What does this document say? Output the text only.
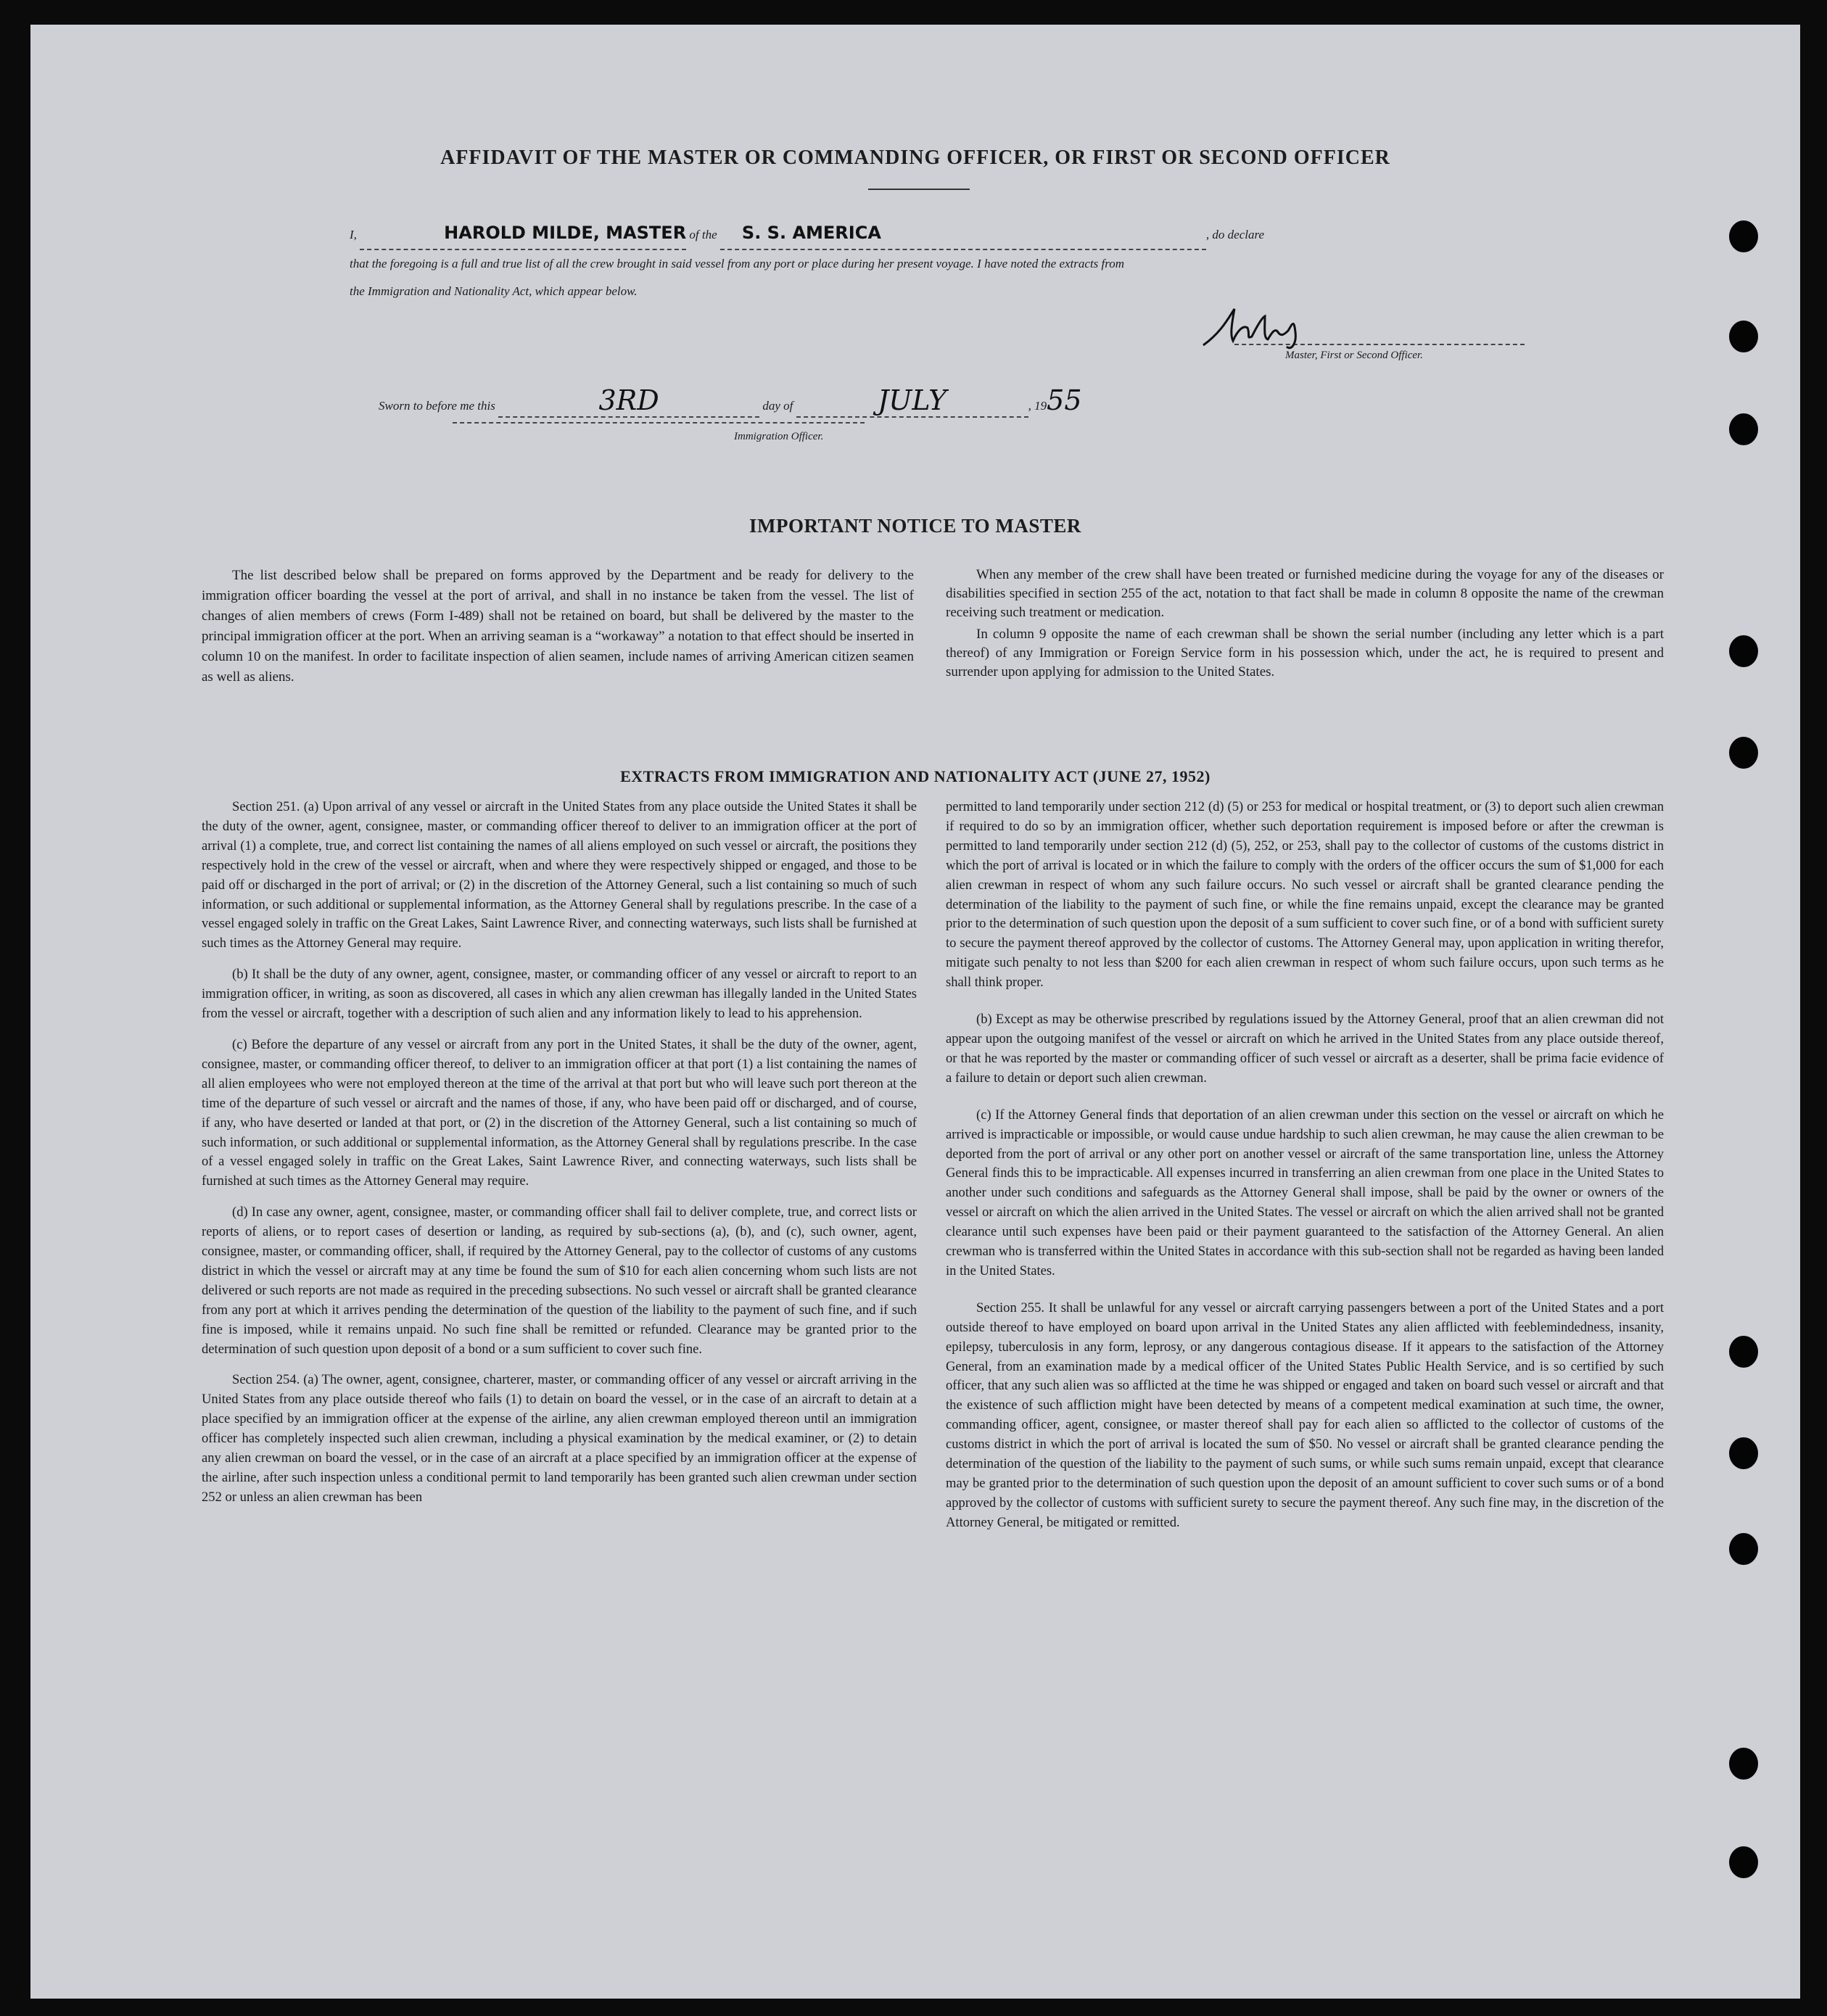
AFFIDAVIT OF THE MASTER OR COMMANDING OFFICER, OR FIRST OR SECOND OFFICER
I,	HAROLD MILDE, MASTER of the S. S. AMERICA	, do declare
that the foregoing is a full and true list of all the crew brought in said vessel from any port or place during her present voyage. I have noted the extracts from
the Immigration and Nationality Act, which appear below.
Master, First or Second Officer.
Sworn to before me this	3RD	day of	JULY	, 1955
Immigration Officer.
IMPORTANT NOTICE TO MASTER

The list described below shall be prepared on forms approved by the Department and be ready for delivery to the immigration officer boarding the vessel at the port of arrival, and shall in no instance be taken from the vessel. The list of changes of alien members of crews (Form I-489) shall not be retained on board, but shall be delivered by the master to the principal immigration officer at the port. When an arriving seaman is a “workaway” a notation to that effect should be inserted in column 10 on the manifest. In order to facilitate inspection of alien seamen, include names of arriving American citizen seamen as well as aliens.

When any member of the crew shall have been treated or furnished medicine during the voyage for any of the diseases or disabilities specified in section 255 of the act, notation to that fact shall be made in column 8 opposite the name of the crewman receiving such treatment or medication.

In column 9 opposite the name of each crewman shall be shown the serial number (including any letter which is a part thereof) of any Immigration or Foreign Service form in his possession which, under the act, he is required to present and surrender upon applying for admission to the United States.

EXTRACTS FROM IMMIGRATION AND NATIONALITY ACT (JUNE 27, 1952)

Section 251. (a) Upon arrival of any vessel or aircraft in the United States from any place outside the United States it shall be the duty of the owner, agent, consignee, master, or commanding officer thereof to deliver to an immigration officer at the port of arrival (1) a complete, true, and correct list containing the names of all aliens employed on such vessel or aircraft, the positions they respectively hold in the crew of the vessel or aircraft, when and where they were respectively shipped or engaged, and those to be paid off or discharged in the port of arrival; or (2) in the discretion of the Attorney General, such a list containing so much of such information, or such additional or supplemental information, as the Attorney General shall by regulations prescribe. In the case of a vessel engaged solely in traffic on the Great Lakes, Saint Lawrence River, and connecting waterways, such lists shall be furnished at such times as the Attorney General may require.

(b) It shall be the duty of any owner, agent, consignee, master, or commanding officer of any vessel or aircraft to report to an immigration officer, in writing, as soon as discovered, all cases in which any alien crewman has illegally landed in the United States from the vessel or aircraft, together with a description of such alien and any information likely to lead to his apprehension.

(c) Before the departure of any vessel or aircraft from any port in the United States, it shall be the duty of the owner, agent, consignee, master, or commanding officer thereof, to deliver to an immigration officer at that port (1) a list containing the names of all alien employees who were not employed thereon at the time of the arrival at that port but who will leave such port thereon at the time of the departure of such vessel or aircraft and the names of those, if any, who have been paid off or discharged, and of course, if any, who have deserted or landed at that port, or (2) in the discretion of the Attorney General, such a list containing so much of such information, or such additional or supplemental information, as the Attorney General shall by regulations prescribe. In the case of a vessel engaged solely in traffic on the Great Lakes, Saint Lawrence River, and connecting waterways, such lists shall be furnished at such times as the Attorney General may require.

(d) In case any owner, agent, consignee, master, or commanding officer shall fail to deliver complete, true, and correct lists or reports of aliens, or to report cases of desertion or landing, as required by sub-sections (a), (b), and (c), such owner, agent, consignee, master, or commanding officer, shall, if required by the Attorney General, pay to the collector of customs of any customs district in which the vessel or aircraft may at any time be found the sum of $10 for each alien concerning whom such lists are not delivered or such reports are not made as required in the preceding subsections. No such vessel or aircraft shall be granted clearance from any port at which it arrives pending the determination of the question of the liability to the payment of such fine, and if such fine is imposed, while it remains unpaid. No such fine shall be remitted or refunded. Clearance may be granted prior to the determination of such question upon deposit of a bond or a sum sufficient to cover such fine.

Section 254. (a) The owner, agent, consignee, charterer, master, or commanding officer of any vessel or aircraft arriving in the United States from any place outside thereof who fails (1) to detain on board the vessel, or in the case of an aircraft to detain at a place specified by an immigration officer at the expense of the airline, any alien crewman employed thereon until an immigration officer has completely inspected such alien crewman, including a physical examination by the medical examiner, or (2) to detain any alien crewman on board the vessel, or in the case of an aircraft at a place specified by an immigration officer at the expense of the airline, after such inspection unless a conditional permit to land temporarily has been granted such alien crewman under section 252 or unless an alien crewman has been

permitted to land temporarily under section 212 (d) (5) or 253 for medical or hospital treatment, or (3) to deport such alien crewman if required to do so by an immigration officer, whether such deportation requirement is imposed before or after the crewman is permitted to land temporarily under section 212 (d) (5), 252, or 253, shall pay to the collector of customs of the customs district in which the port of arrival is located or in which the failure to comply with the orders of the officer occurs the sum of $1,000 for each alien crewman in respect of whom any such failure occurs. No such vessel or aircraft shall be granted clearance pending the determination of the liability to the payment of such fine, or while the fine remains unpaid, except the clearance may be granted prior to the determination of such question upon the deposit of a sum sufficient to cover such fine, or of a bond with sufficient surety to secure the payment thereof approved by the collector of customs. The Attorney General may, upon application in writing therefor, mitigate such penalty to not less than $200 for each alien crewman in respect of whom such failure occurs, upon such terms as he shall think proper.

(b) Except as may be otherwise prescribed by regulations issued by the Attorney General, proof that an alien crewman did not appear upon the outgoing manifest of the vessel or aircraft on which he arrived in the United States from any place outside thereof, or that he was reported by the master or commanding officer of such vessel or aircraft as a deserter, shall be prima facie evidence of a failure to detain or deport such alien crewman.

(c) If the Attorney General finds that deportation of an alien crewman under this section on the vessel or aircraft on which he arrived is impracticable or impossible, or would cause undue hardship to such alien crewman, he may cause the alien crewman to be deported from the port of arrival or any other port on another vessel or aircraft of the same transportation line, unless the Attorney General finds this to be impracticable. All expenses incurred in transferring an alien crewman from one place in the United States to another under such conditions and safeguards as the Attorney General shall impose, shall be paid by the owner or owners of the vessel or aircraft on which the alien arrived in the United States. The vessel or aircraft on which the alien arrived shall not be granted clearance until such expenses have been paid or their payment guaranteed to the satisfaction of the Attorney General. An alien crewman who is transferred within the United States in accordance with this sub-section shall not be regarded as having been landed in the United States.

Section 255. It shall be unlawful for any vessel or aircraft carrying passengers between a port of the United States and a port outside thereof to have employed on board upon arrival in the United States any alien afflicted with feeblemindedness, insanity, epilepsy, tuberculosis in any form, leprosy, or any dangerous contagious disease. If it appears to the satisfaction of the Attorney General, from an examination made by a medical officer of the United States Public Health Service, and is so certified by such officer, that any such alien was so afflicted at the time he was shipped or engaged and taken on board such vessel or aircraft and that the existence of such affliction might have been detected by means of a competent medical examination at such time, the owner, commanding officer, agent, consignee, or master thereof shall pay for each alien so afflicted to the collector of customs of the customs district in which the port of arrival is located the sum of $50. No vessel or aircraft shall be granted clearance pending the determination of the question of the liability to the payment of such sums, or while such sums remain unpaid, except that clearance may be granted prior to the determination of such question upon the deposit of an amount sufficient to cover such sums or of a bond approved by the collector of customs with sufficient surety to secure the payment thereof. Any such fine may, in the discretion of the Attorney General, be mitigated or remitted.
